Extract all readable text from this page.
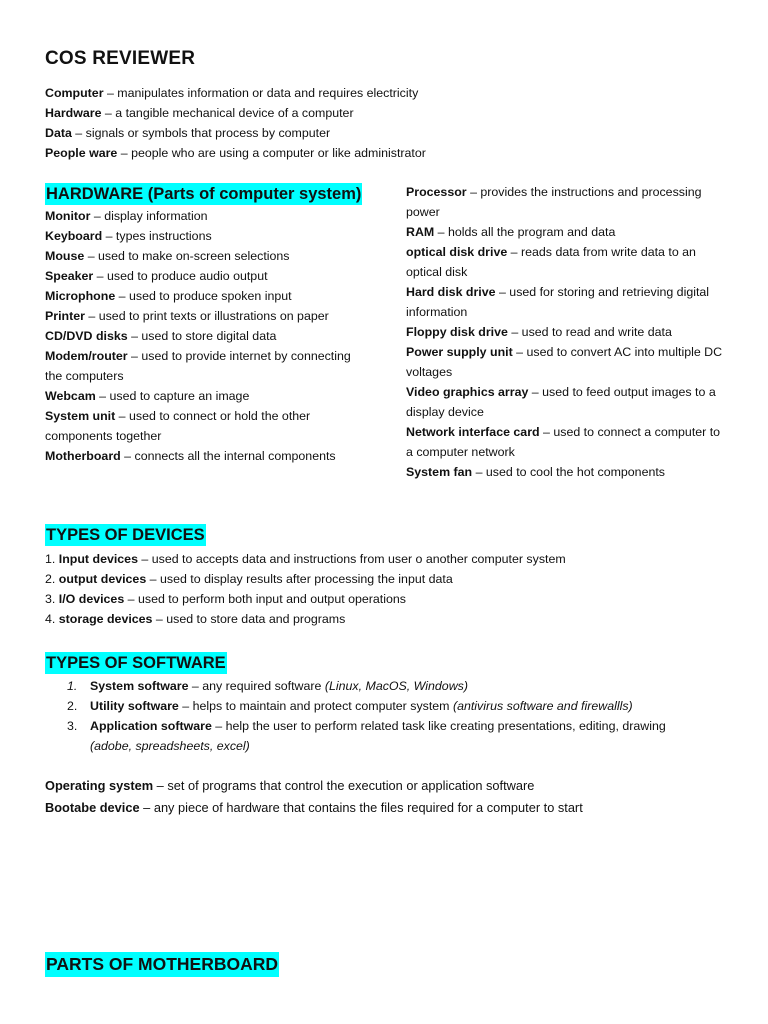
COS REVIEWER
Computer – manipulates information or data and requires electricity
Hardware – a tangible mechanical device of a computer
Data – signals or symbols that process by computer
People ware – people who are using a computer or like administrator
HARDWARE (Parts of computer system)
Monitor – display information
Keyboard – types instructions
Mouse – used to make on-screen selections
Speaker – used to produce audio output
Microphone – used to produce spoken input
Printer – used to print texts or illustrations on paper
CD/DVD disks – used to store digital data
Modem/router – used to provide internet by connecting the computers
Webcam – used to capture an image
System unit – used to connect or hold the other components together
Motherboard – connects all the internal components
Processor – provides the instructions and processing power
RAM – holds all the program and data
optical disk drive – reads data from write data to an optical disk
Hard disk drive – used for storing and retrieving digital information
Floppy disk drive – used to read and write data
Power supply unit – used to convert AC into multiple DC voltages
Video graphics array – used to feed output images to a display device
Network interface card – used to connect a computer to a computer network
System fan – used to cool the hot components
TYPES OF DEVICES
1. Input devices – used to accepts data and instructions from user o another computer system
2. output devices – used to display results after processing the input data
3. I/O devices – used to perform both input and output operations
4. storage devices – used to store data and programs
TYPES OF SOFTWARE
1. System software – any required software (Linux, MacOS, Windows)
2. Utility software – helps to maintain and protect computer system (antivirus software and firewallls)
3. Application software – help the user to perform related task like creating presentations, editing, drawing (adobe, spreadsheets, excel)
Operating system – set of programs that control the execution or application software
Bootabe device – any piece of hardware that contains the files required for a computer to start
PARTS OF MOTHERBOARD
